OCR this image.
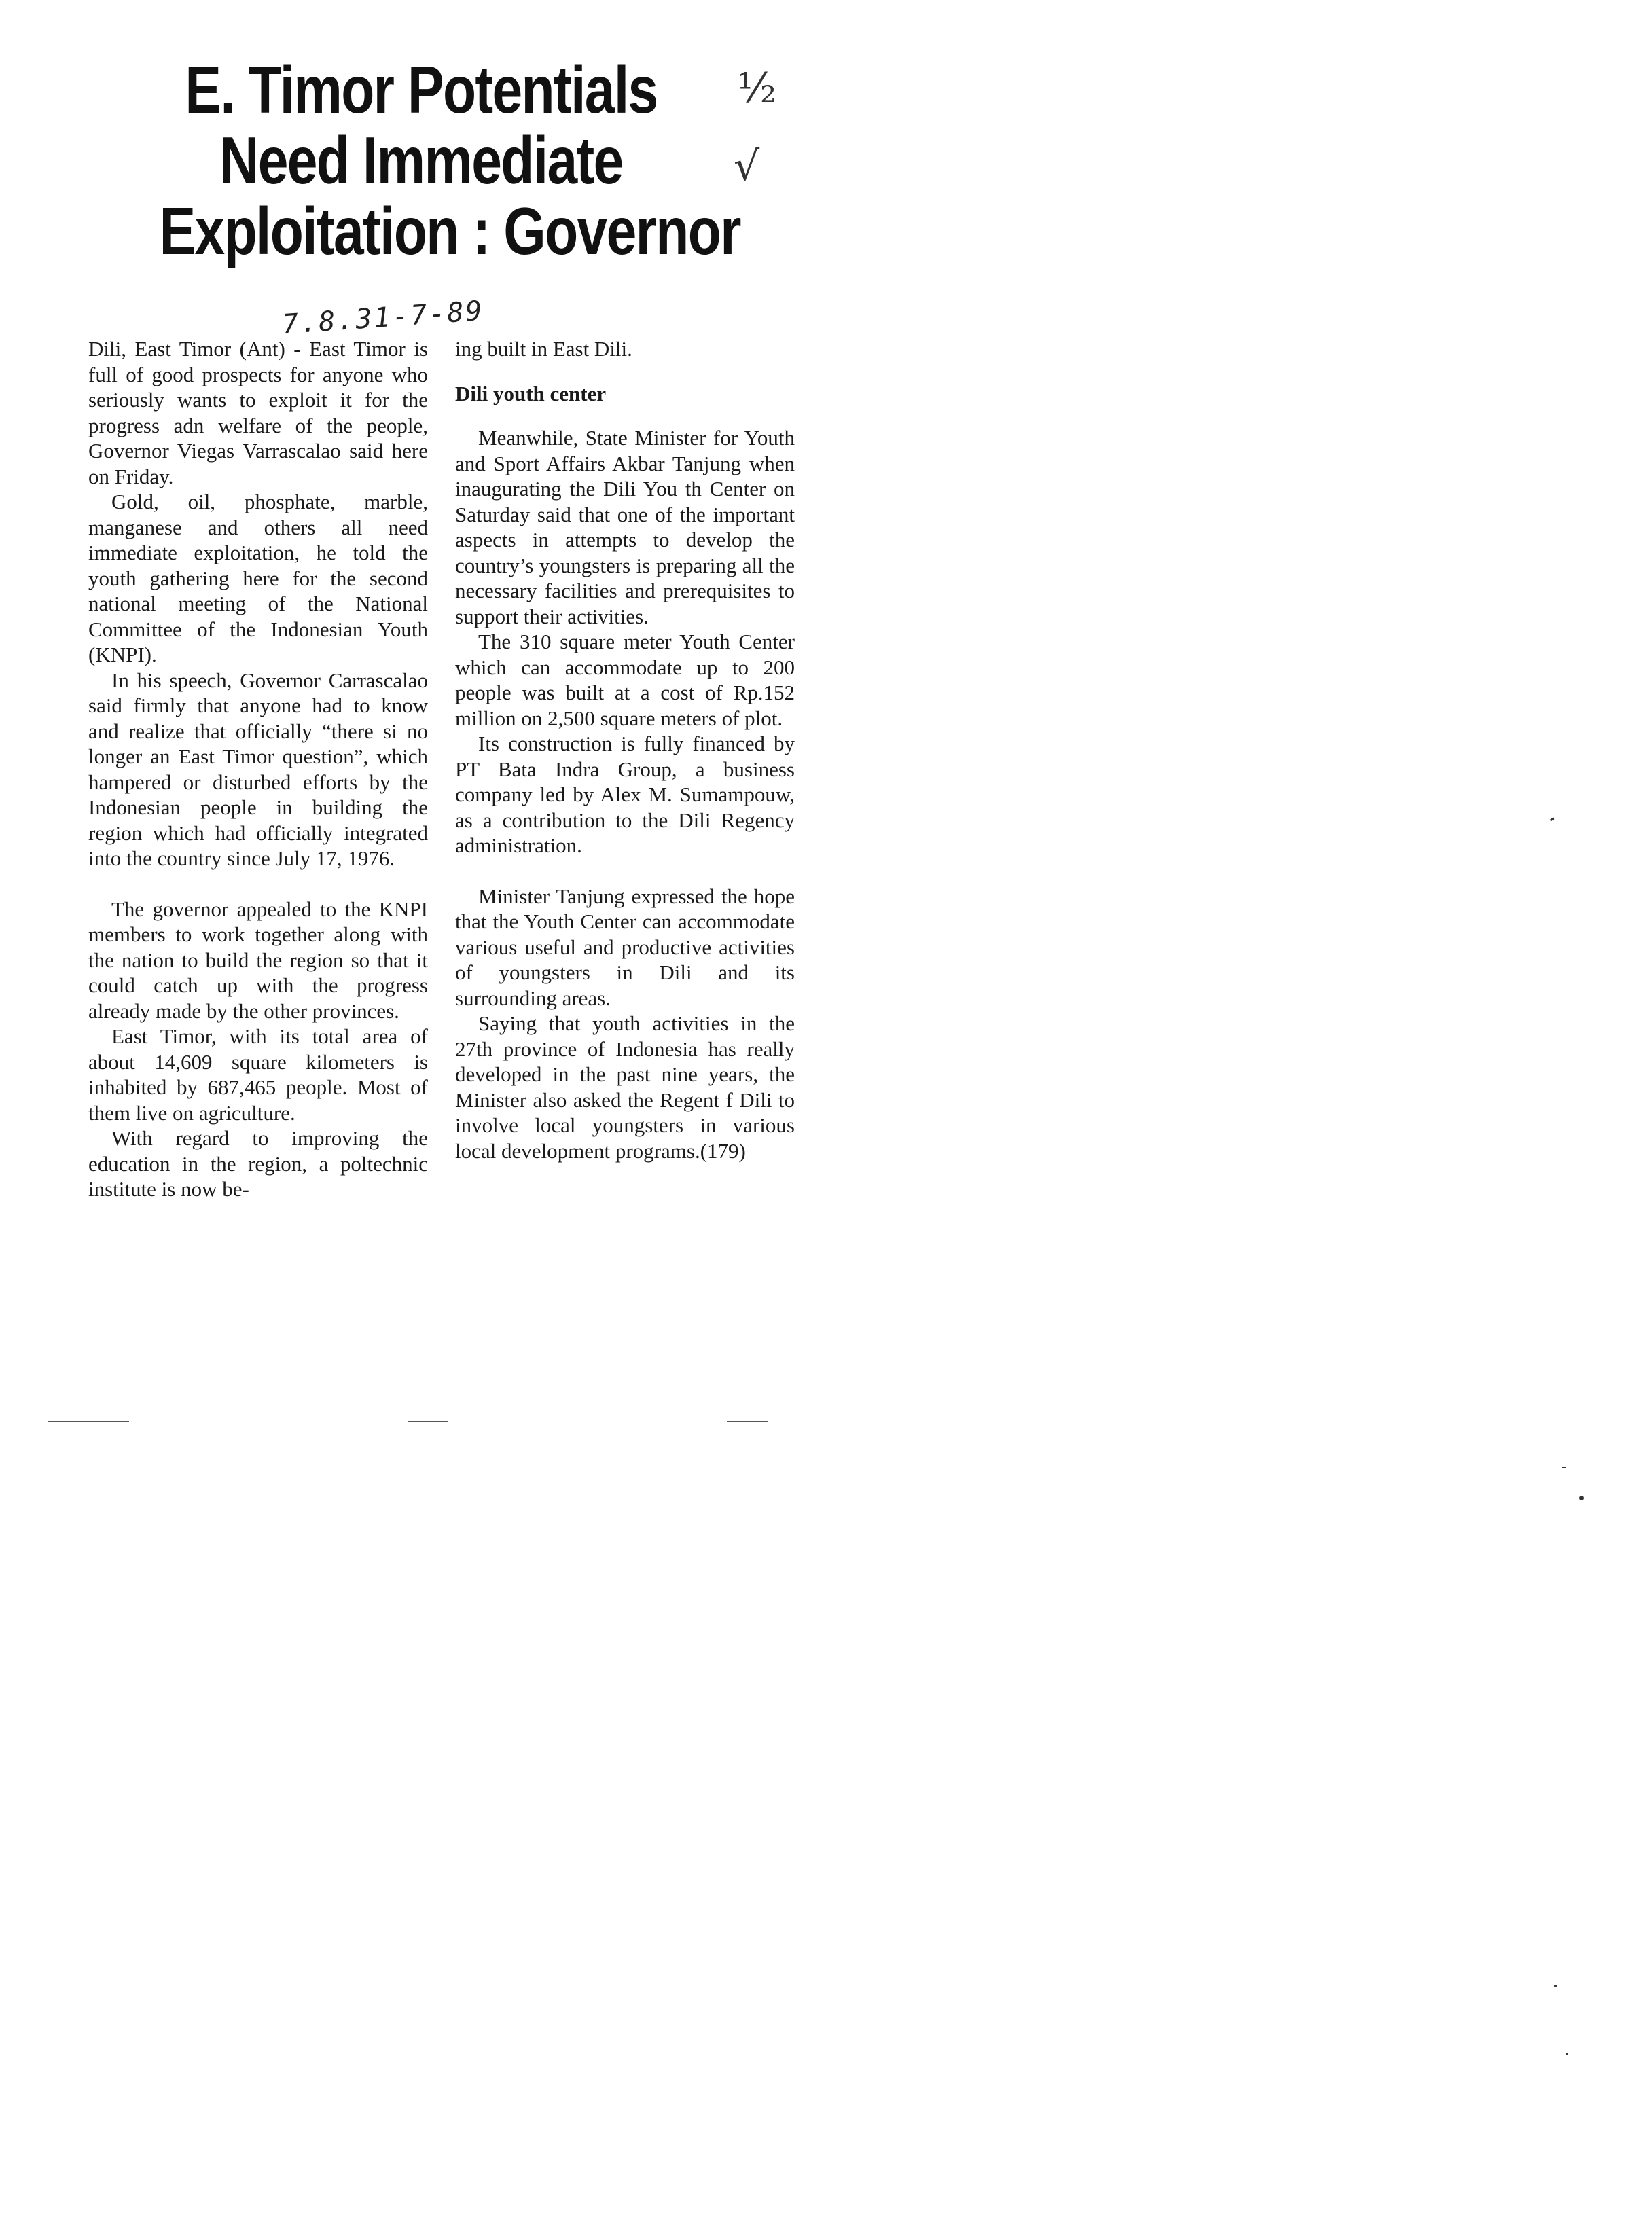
E. Timor Potentials
Need Immediate
Exploitation : Governor
7.8.31-7-89
½
√

Dili, East Timor (Ant) - East Timor is full of good prospects for anyone who seriously wants to exploit it for the progress adn welfare of the people, Governor Viegas Varrascalao said here on Friday.

Gold, oil, phosphate, marble, manganese and others all need immediate exploitation, he told the youth gathering here for the second national meeting of the National Committee of the Indonesian Youth (KNPI).

In his speech, Governor Carrascalao said firmly that anyone had to know and realize that officially “there si no longer an East Timor question”, which hampered or disturbed efforts by the Indonesian people in building the region which had officially integrated into the country since July 17, 1976.

The governor appealed to the KNPI members to work together along with the nation to build the region so that it could catch up with the progress already made by the other provinces.

East Timor, with its total area of about 14,609 square kilometers is inhabited by 687,465 people. Most of them live on agriculture.

With regard to improving the education in the region, a poltechnic institute is now be-

ing built in East Dili.

Dili youth center

Meanwhile, State Minister for Youth and Sport Affairs Akbar Tanjung when inaugurating the Dili You th Center on Saturday said that one of the important aspects in attempts to develop the country’s youngsters is preparing all the necessary facilities and prerequisites to support their activities.

The 310 square meter Youth Center which can accommodate up to 200 people was built at a cost of Rp.152 million on 2,500 square meters of plot.

Its construction is fully financed by PT Bata Indra Group, a business company led by Alex M. Sumampouw, as a contribution to the Dili Regency administration.

Minister Tanjung expressed the hope that the Youth Center can accommodate various useful and productive activities of youngsters in Dili and its surrounding areas.

Saying that youth activities in the 27th province of Indonesia has really developed in the past nine years, the Minister also asked the Regent f Dili to involve local youngsters in various local development programs.(179)
